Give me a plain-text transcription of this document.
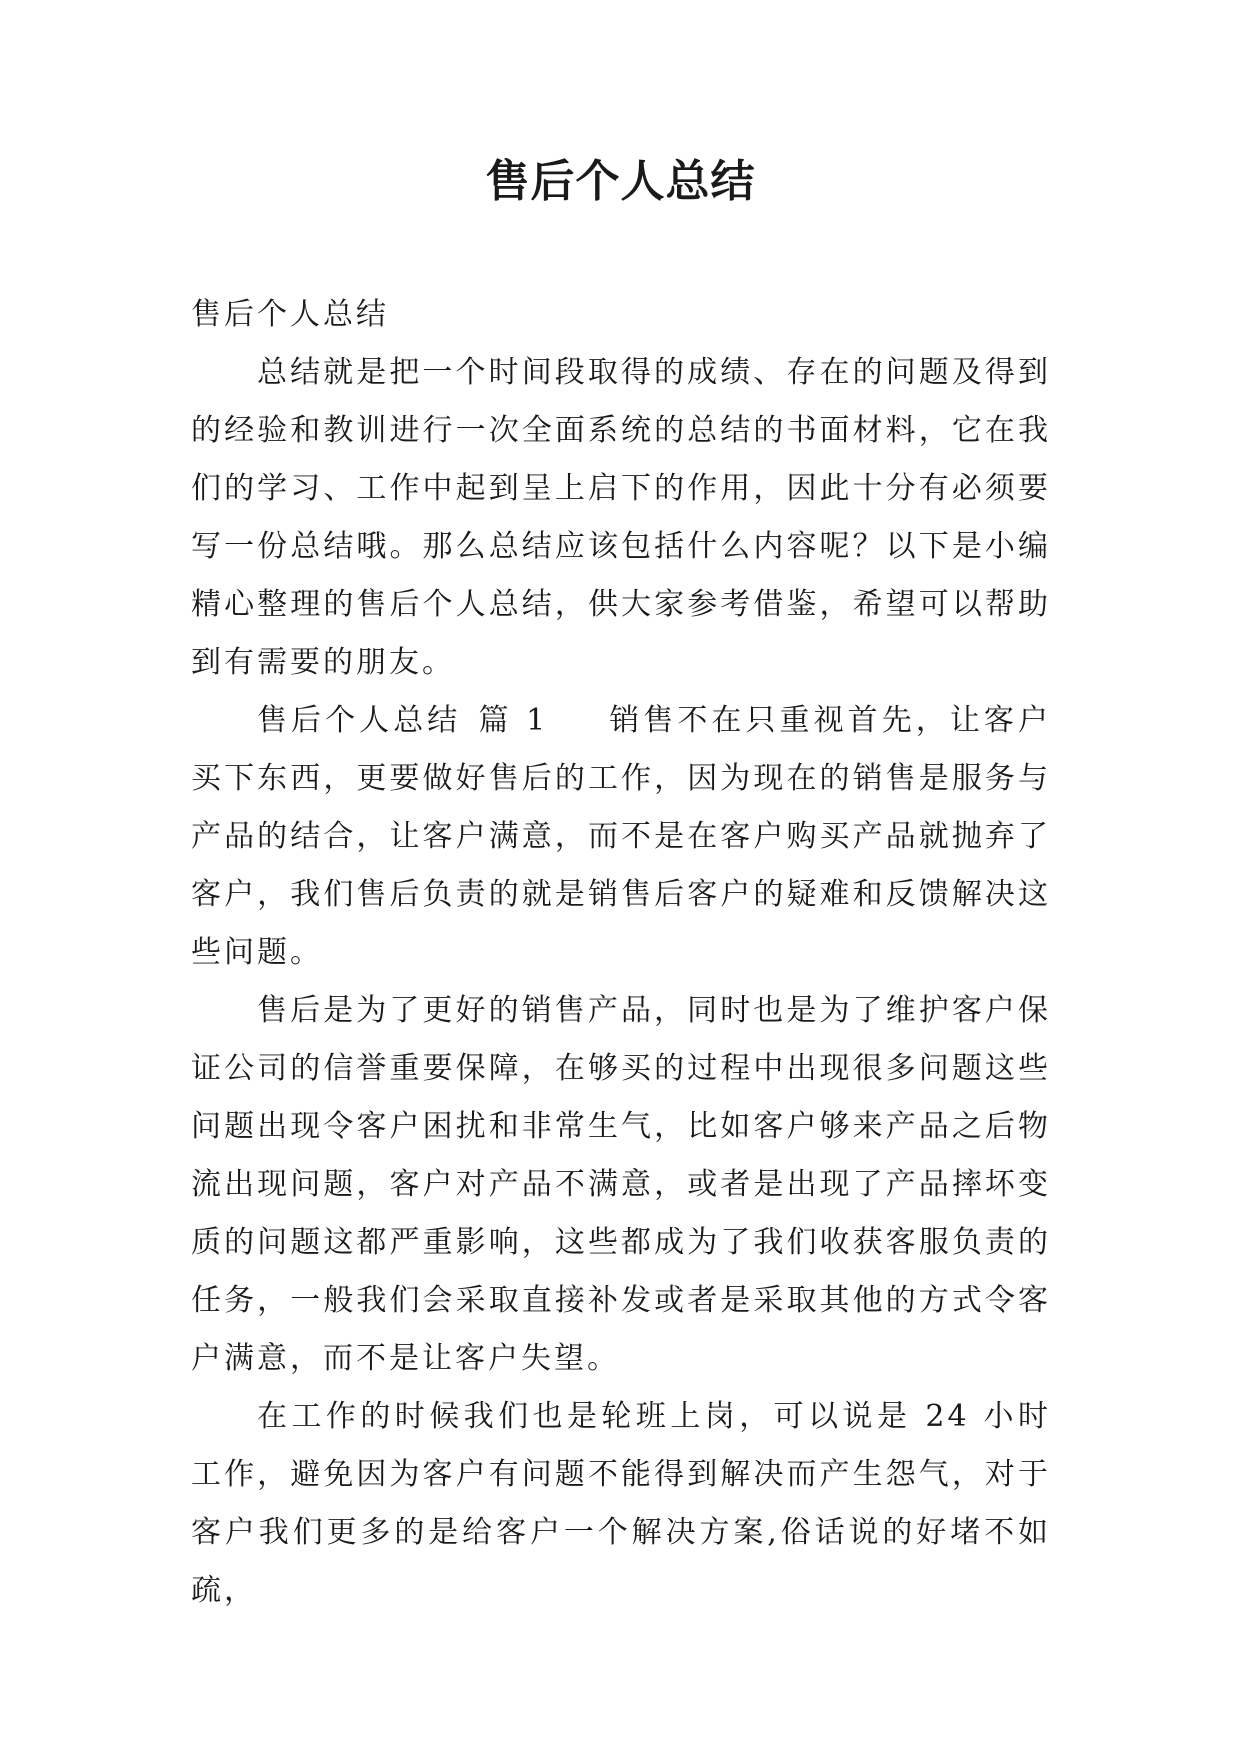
售后个人总结

售后个人总结

总结就是把一个时间段取得的成绩、存在的问题及得到的经验和教训进行一次全面系统的总结的书面材料，它在我们的学习、工作中起到呈上启下的作用，因此十分有必须要写一份总结哦。那么总结应该包括什么内容呢？以下是小编精心整理的售后个人总结，供大家参考借鉴，希望可以帮助到有需要的朋友。

售后个人总结 篇 1 销售不在只重视首先，让客户买下东西，更要做好售后的工作，因为现在的销售是服务与产品的结合，让客户满意，而不是在客户购买产品就抛弃了客户，我们售后负责的就是销售后客户的疑难和反馈解决这些问题。

售后是为了更好的销售产品，同时也是为了维护客户保证公司的信誉重要保障，在够买的过程中出现很多问题这些问题出现令客户困扰和非常生气，比如客户够来产品之后物流出现问题，客户对产品不满意，或者是出现了产品摔坏变质的问题这都严重影响，这些都成为了我们收获客服负责的任务，一般我们会采取直接补发或者是采取其他的方式令客户满意，而不是让客户失望。

在工作的时候我们也是轮班上岗，可以说是 24 小时工作，避免因为客户有问题不能得到解决而产生怨气，对于客户我们更多的是给客户一个解决方案,俗话说的好堵不如疏，
